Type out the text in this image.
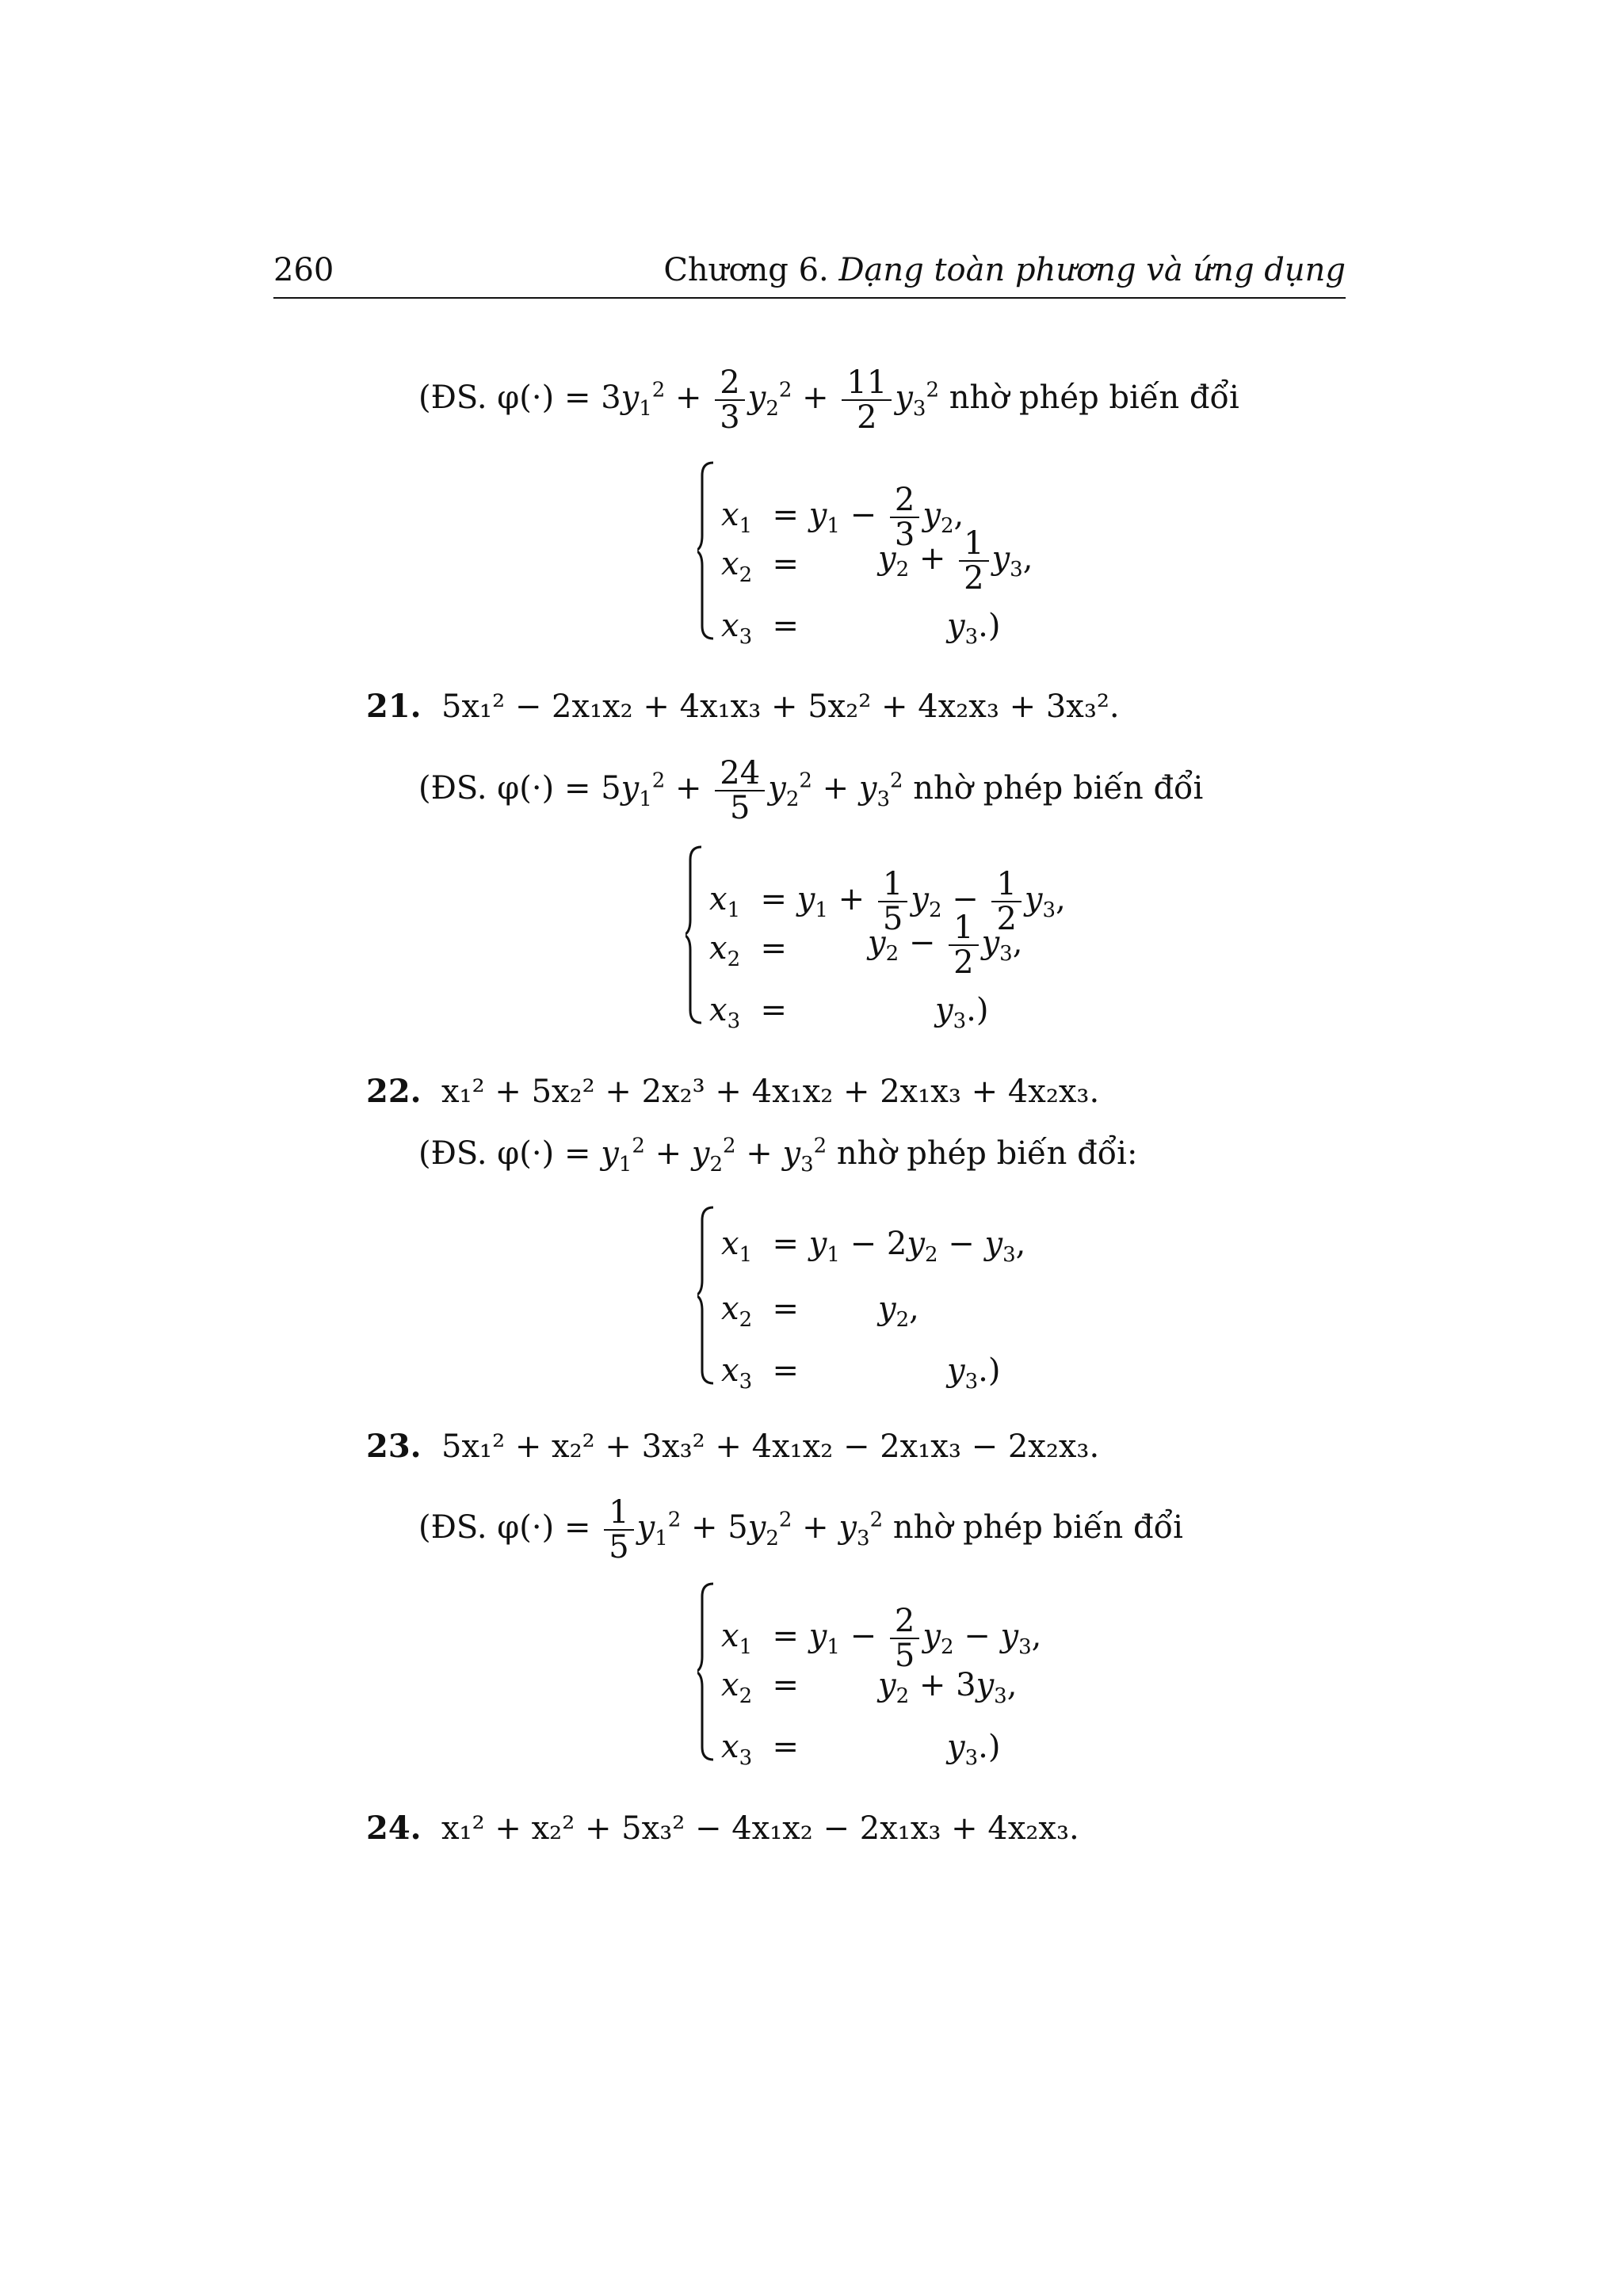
260	Chương 6. Dạng toàn phương và ứng dụng
(ĐS. $\varphi(\cdot) = 3y_1^2 + \frac{2}{3} y_2^2 + \frac{11}{2} y_3^2$ nhờ phép biến đổi
$x_1 = y_1 - \frac{2}{3} y_2$,
$x_2 = y_2 + \frac{1}{2} y_3$,
$x_3$  =	$y_3$.)
21. 5x₁² − 2x₁x₂ + 4x₁x₃ + 5x₂² + 4x₂x₃ + 3x₃².
(ĐS. $\varphi(\cdot) = 5y_1^2 + \frac{24}{5} y_2^2 + y_3^2$ nhờ phép biến đổi
$x_1 = y_1 + \frac{1}{5} y_2 - \frac{1}{2} y_3$,
$x_2$  =	$y_2 - \frac{1}{2} y_3$,
$x_3$  =	$y_3$.)
22. x₁² + 5x₂² + 2x₂³ + 4x₁x₂ + 2x₁x₃ + 4x₂x₃.
(ĐS. $\varphi(\cdot) = y_1^2 + y_2^2 + y_3^2$ nhờ phép biến đổi:
$x_1 = y_1 - 2y_2 - y_3$,
$x_2 = y_2$,
$x_3$  =	$y_3$.)
23. 5x₁² + x₂² + 3x₃² + 4x₁x₂ − 2x₁x₃ − 2x₂x₃.
(ĐS. $\varphi(\cdot) = \frac{1}{5} y_1^2 + 5y_2^2 + y_3^2$ nhờ phép biến đổi
$x_1 = y_1 - \frac{2}{5} y_2 - y_3$,
$x_2 = y_2 + 3y_3$,
$x_3$  =	$y_3$.)
24. x₁² + x₂² + 5x₃² − 4x₁x₂ − 2x₁x₃ + 4x₂x₃.
